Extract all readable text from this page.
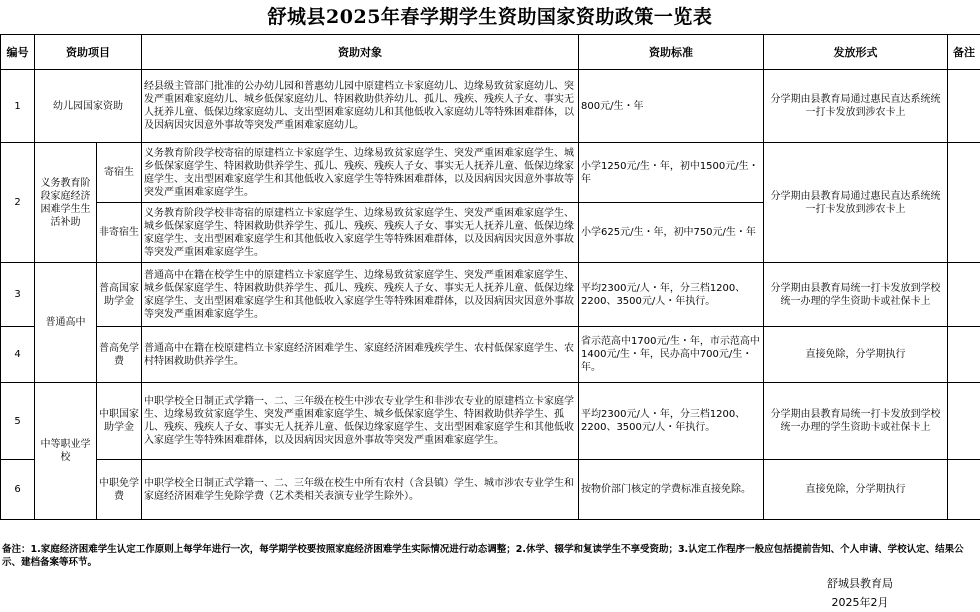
舒城县2025年春学期学生资助国家资助政策一览表
编号	资助项目		资助对象	资助标准	发放形式	备注
1	幼儿园国家资助		经县级主管部门批准的公办幼儿园和普惠幼儿园中原建档立卡家庭幼儿、边缘易致贫家庭幼儿、突发严重困难家庭幼儿、城乡低保家庭幼儿、特困救助供养幼儿、孤儿、残疾、残疾人子女、事实无人抚养儿童、低保边缘家庭幼儿、支出型困难家庭幼儿和其他低收入家庭幼儿等特殊困难群体，以及因病因灾因意外事故等突发严重困难家庭幼儿。	800元/生・年	分学期由县教育局通过惠民直达系统统一打卡发放到涉农卡上	
2	义务教育阶段家庭经济困难学生生活补助	寄宿生	义务教育阶段学校寄宿的原建档立卡家庭学生、边缘易致贫家庭学生、突发严重困难家庭学生、城乡低保家庭学生、特困救助供养学生、孤儿、残疾、残疾人子女、事实无人抚养儿童、低保边缘家庭学生、支出型困难家庭学生和其他低收入家庭学生等特殊困难群体，以及因病因灾因意外事故等突发严重困难家庭学生。	小学1250元/生・年，初中1500元/生・年	分学期由县教育局通过惠民直达系统统一打卡发放到涉农卡上	
		非寄宿生	义务教育阶段学校非寄宿的原建档立卡家庭学生、边缘易致贫家庭学生、突发严重困难家庭学生、城乡低保家庭学生、特困救助供养学生、孤儿、残疾、残疾人子女、事实无人抚养儿童、低保边缘家庭学生、支出型困难家庭学生和其他低收入家庭学生等特殊困难群体，以及因病因灾因意外事故等突发严重困难家庭学生。	小学625元/生・年，初中750元/生・年		
3	普通高中	普高国家助学金	普通高中在籍在校学生中的原建档立卡家庭学生、边缘易致贫家庭学生、突发严重困难家庭学生、城乡低保家庭学生、特困救助供养学生、孤儿、残疾、残疾人子女、事实无人抚养儿童、低保边缘家庭学生、支出型困难家庭学生和其他低收入家庭学生等特殊困难群体，以及因病因灾因意外事故等突发严重困难家庭学生。	平均2300元/人・年，分三档1200、2200、3500元/人・年执行。	分学期由县教育局统一打卡发放到学校统一办理的学生资助卡或社保卡上	
4		普高免学费	普通高中在籍在校原建档立卡家庭经济困难学生、家庭经济困难残疾学生、农村低保家庭学生、农村特困救助供养学生。	省示范高中1700元/生・年，市示范高中1400元/生・年，民办高中700元/生・年。	直接免除，分学期执行	
5	中等职业学校	中职国家助学金	中职学校全日制正式学籍一、二、三年级在校生中涉农专业学生和非涉农专业的原建档立卡家庭学生、边缘易致贫家庭学生、突发严重困难家庭学生、城乡低保家庭学生、特困救助供养学生、孤儿、残疾、残疾人子女、事实无人抚养儿童、低保边缘家庭学生、支出型困难家庭学生和其他低收入家庭学生等特殊困难群体，以及因病因灾因意外事故等突发严重困难家庭学生。	平均2300元/人・年，分三档1200、2200、3500元/人・年执行。	分学期由县教育局统一打卡发放到学校统一办理的学生资助卡或社保卡上	
6		中职免学费	中职学校全日制正式学籍一、二、三年级在校生中所有农村（含县镇）学生、城市涉农专业学生和家庭经济困难学生免除学费（艺术类相关表演专业学生除外）。	按物价部门核定的学费标准直接免除。	直接免除，分学期执行	
备注：1.家庭经济困难学生认定工作原则上每学年进行一次，每学期学校要按照家庭经济困难学生实际情况进行动态调整；2.休学、辍学和复读学生不享受资助；3.认定工作程序一般应包括提前告知、个人申请、学校认定、结果公示、建档备案等环节。
舒城县教育局
2025年2月
